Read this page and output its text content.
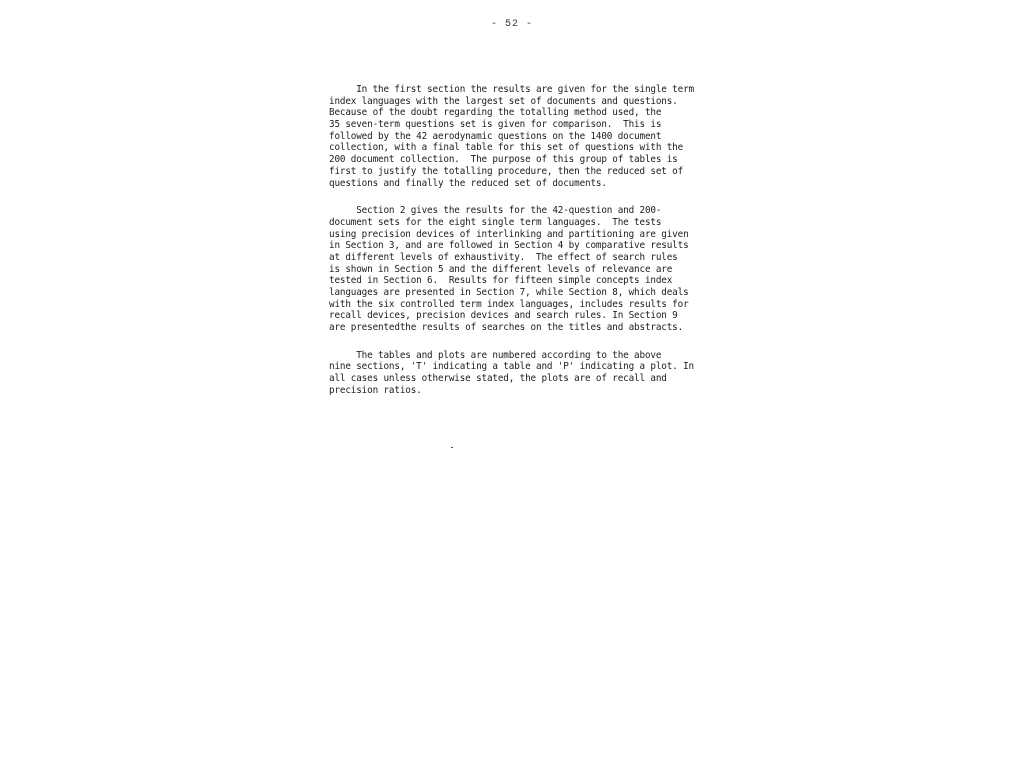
- 52 -
In the first section the results are given for the single term
index languages with the largest set of documents and questions.
Because of the doubt regarding the totalling method used, the
35 seven-term questions set is given for comparison.  This is
followed by the 42 aerodynamic questions on the 1400 document
collection, with a final table for this set of questions with the
200 document collection.  The purpose of this group of tables is
first to justify the totalling procedure, then the reduced set of
questions and finally the reduced set of documents.
Section 2 gives the results for the 42-question and 200-
document sets for the eight single term languages.  The tests
using precision devices of interlinking and partitioning are given
in Section 3, and are followed in Section 4 by comparative results
at different levels of exhaustivity.  The effect of search rules
is shown in Section 5 and the different levels of relevance are
tested in Section 6.  Results for fifteen simple concepts index
languages are presented in Section 7, while Section 8, which deals
with the six controlled term index languages, includes results for
recall devices, precision devices and search rules. In Section 9
are presentedthe results of searches on the titles and abstracts.
The tables and plots are numbered according to the above
nine sections, 'T' indicating a table and 'P' indicating a plot. In
all cases unless otherwise stated, the plots are of recall and
precision ratios.
